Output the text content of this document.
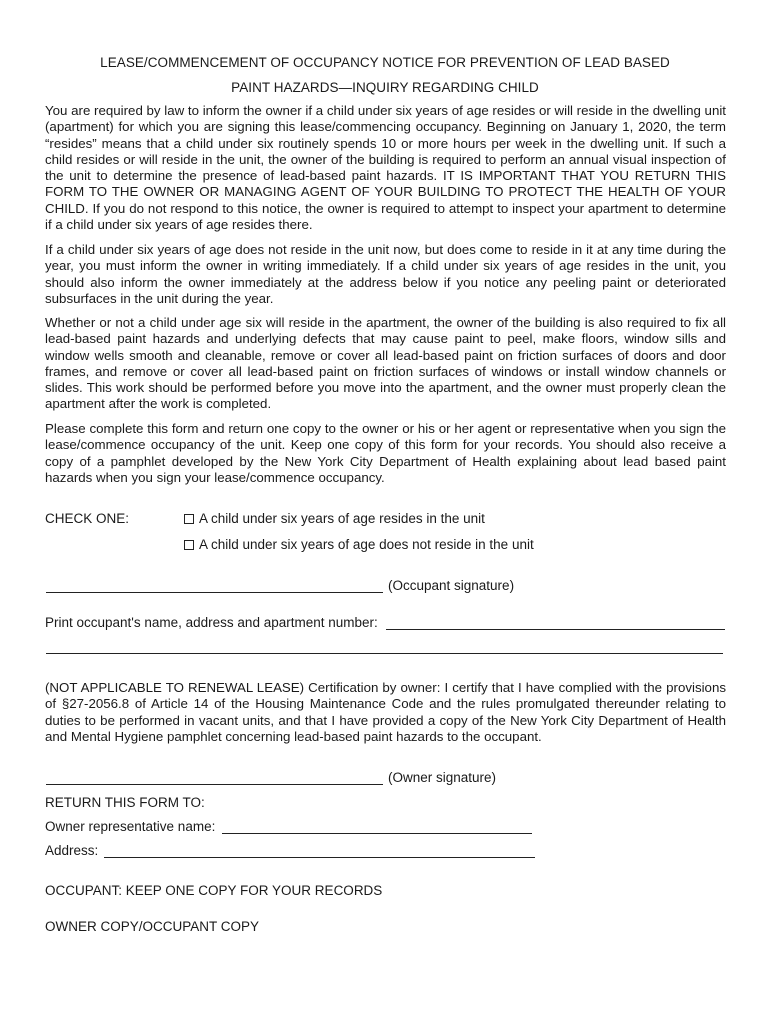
LEASE/COMMENCEMENT OF OCCUPANCY NOTICE FOR PREVENTION OF LEAD BASED
PAINT HAZARDS—INQUIRY REGARDING CHILD

You are required by law to inform the owner if a child under six years of age resides or will reside in the dwelling unit (apartment) for which you are signing this lease/commencing occupancy. Beginning on January 1, 2020, the term “resides” means that a child under six routinely spends 10 or more hours per week in the dwelling unit. If such a child resides or will reside in the unit, the owner of the building is required to perform an annual visual inspection of the unit to determine the presence of lead-based paint hazards. IT IS IMPORTANT THAT YOU RETURN THIS FORM TO THE OWNER OR MANAGING AGENT OF YOUR BUILDING TO PROTECT THE HEALTH OF YOUR CHILD. If you do not respond to this notice, the owner is required to attempt to inspect your apartment to determine if a child under six years of age resides there.

If a child under six years of age does not reside in the unit now, but does come to reside in it at any time during the year, you must inform the owner in writing immediately. If a child under six years of age resides in the unit, you should also inform the owner immediately at the address below if you notice any peeling paint or deteriorated subsurfaces in the unit during the year.

Whether or not a child under age six will reside in the apartment, the owner of the building is also required to fix all lead-based paint hazards and underlying defects that may cause paint to peel, make floors, window sills and window wells smooth and cleanable, remove or cover all lead-based paint on friction surfaces of doors and door frames, and remove or cover all lead-based paint on friction surfaces of windows or install window channels or slides. This work should be performed before you move into the apartment, and the owner must properly clean the apartment after the work is completed.

Please complete this form and return one copy to the owner or his or her agent or representative when you sign the lease/commence occupancy of the unit. Keep one copy of this form for your records. You should also receive a copy of a pamphlet developed by the New York City Department of Health explaining about lead based paint hazards when you sign your lease/commence occupancy.

CHECK ONE:	A child under six years of age resides in the unit
A child under six years of age does not reside in the unit
(Occupant signature)
Print occupant's name, address and apartment number:

(NOT APPLICABLE TO RENEWAL LEASE) Certification by owner: I certify that I have complied with the provisions of §27-2056.8 of Article 14 of the Housing Maintenance Code and the rules promulgated thereunder relating to duties to be performed in vacant units, and that I have provided a copy of the New York City Department of Health and Mental Hygiene pamphlet concerning lead-based paint hazards to the occupant.

(Owner signature)
RETURN THIS FORM TO:
Owner representative name:
Address:
OCCUPANT: KEEP ONE COPY FOR YOUR RECORDS
OWNER COPY/OCCUPANT COPY
